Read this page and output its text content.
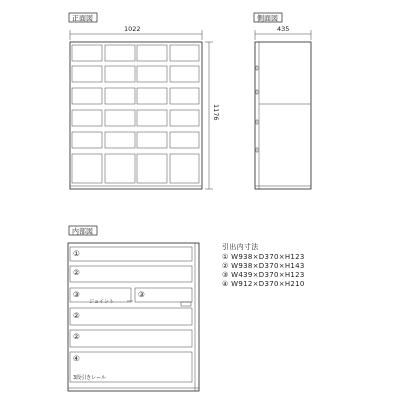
正面図
1022
1176
側面図
435
内部図
①
②
③	③
ジョイント
②
②
④
3段引きレール
引出内寸法
① W938×D370×H123
② W938×D370×H143
③ W439×D370×H123
④ W912×D370×H210
